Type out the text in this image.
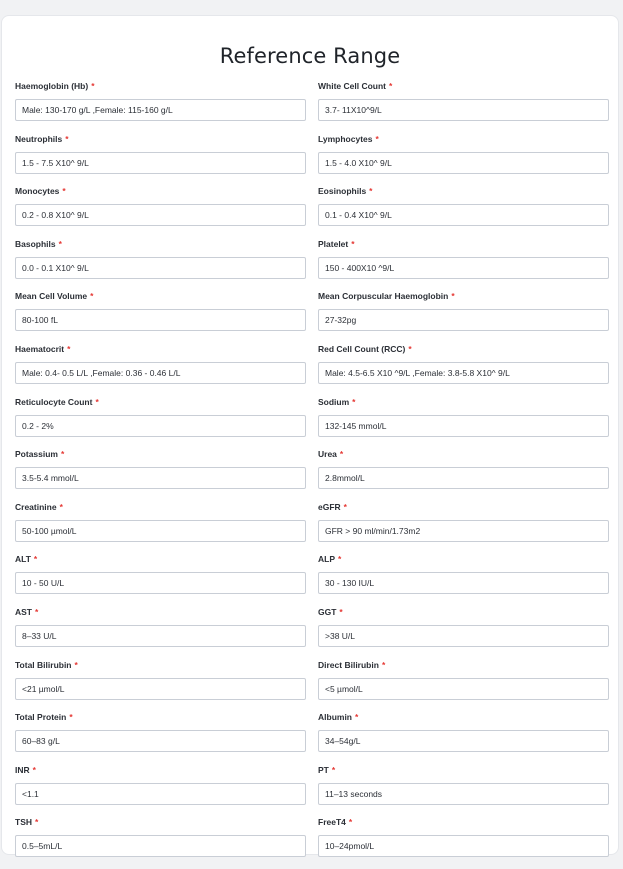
Reference Range
Haemoglobin (Hb) *
Male: 130-170 g/L ,Female: 115-160 g/L
White Cell Count *
3.7- 11X10^9/L
Neutrophils *
1.5 - 7.5 X10^ 9/L
Lymphocytes *
1.5 - 4.0 X10^ 9/L
Monocytes *
0.2 - 0.8 X10^ 9/L
Eosinophils *
0.1 - 0.4 X10^ 9/L
Basophils *
0.0 - 0.1 X10^ 9/L
Platelet *
150 - 400X10 ^9/L
Mean Cell Volume *
80-100 fL
Mean Corpuscular Haemoglobin *
27-32pg
Haematocrit *
Male: 0.4- 0.5 L/L ,Female: 0.36 - 0.46 L/L
Red Cell Count (RCC) *
Male: 4.5-6.5 X10 ^9/L ,Female: 3.8-5.8 X10^ 9/L
Reticulocyte Count *
0.2 - 2%
Sodium *
132-145 mmol/L
Potassium *
3.5-5.4 mmol/L
Urea *
2.8mmol/L
Creatinine *
50-100 µmol/L
eGFR *
GFR > 90 ml/min/1.73m2
ALT *
10 - 50 U/L
ALP *
30 - 130 IU/L
AST *
8–33 U/L
GGT *
>38 U/L
Total Bilirubin *
<21 µmol/L
Direct Bilirubin *
<5 µmol/L
Total Protein *
60–83 g/L
Albumin *
34–54g/L
INR *
<1.1
PT *
11–13 seconds
TSH *
0.5–5mL/L
FreeT4 *
10–24pmol/L
